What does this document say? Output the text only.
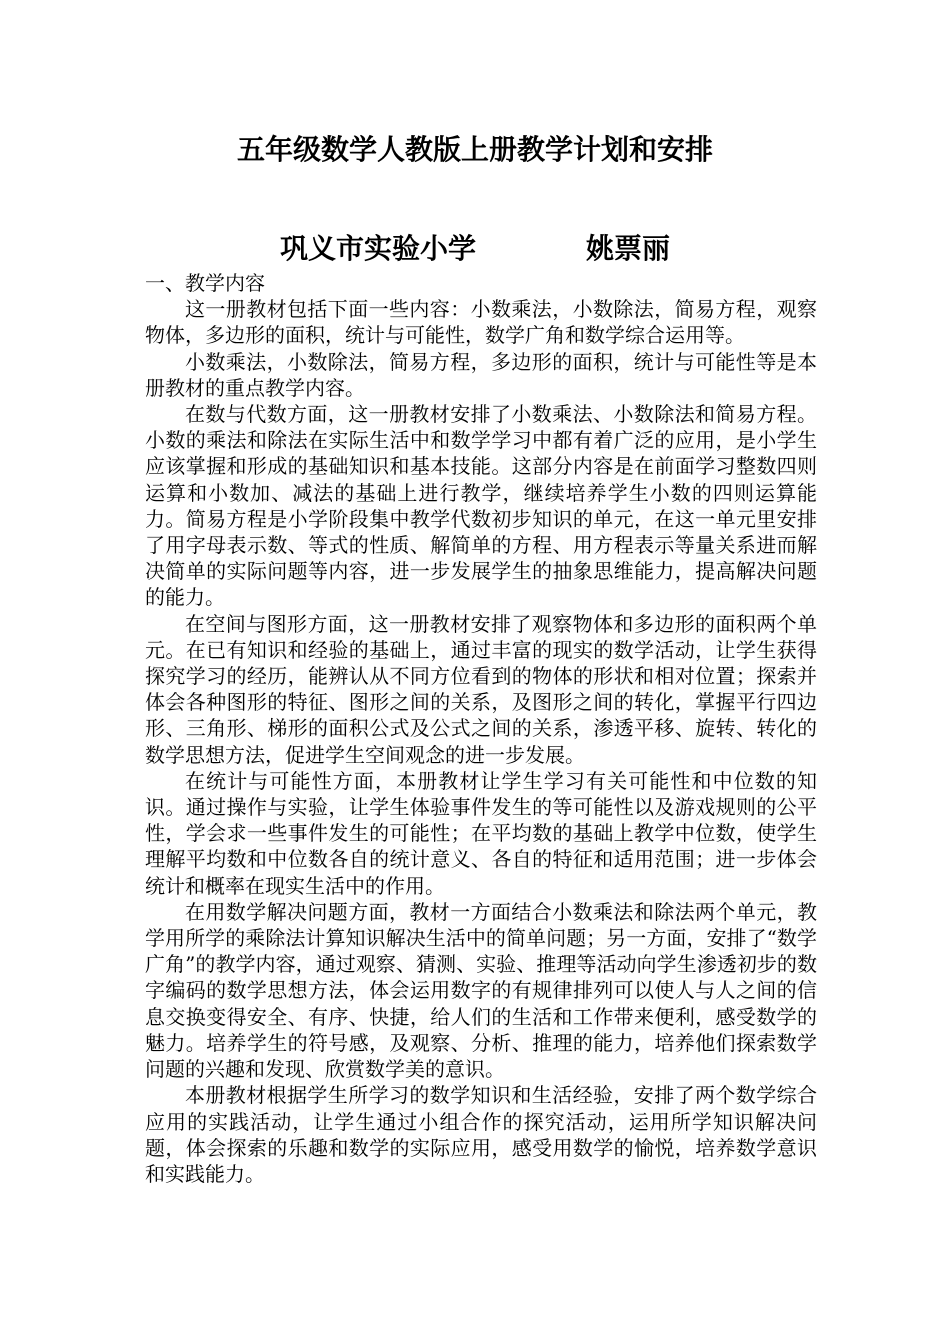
五年级数学人教版上册教学计划和安排
巩义市实验小学	姚票丽

一、教学内容

这一册教材包括下面一些内容：小数乘法，小数除法，简易方程，观察物体，多边形的面积，统计与可能性，数学广角和数学综合运用等。

小数乘法，小数除法，简易方程，多边形的面积，统计与可能性等是本册教材的重点教学内容。

在数与代数方面，这一册教材安排了小数乘法、小数除法和简易方程。小数的乘法和除法在实际生活中和数学学习中都有着广泛的应用，是小学生应该掌握和形成的基础知识和基本技能。这部分内容是在前面学习整数四则运算和小数加、减法的基础上进行教学，继续培养学生小数的四则运算能力。简易方程是小学阶段集中教学代数初步知识的单元，在这一单元里安排了用字母表示数、等式的性质、解简单的方程、用方程表示等量关系进而解决简单的实际问题等内容，进一步发展学生的抽象思维能力，提高解决问题的能力。

在空间与图形方面，这一册教材安排了观察物体和多边形的面积两个单元。在已有知识和经验的基础上，通过丰富的现实的数学活动，让学生获得探究学习的经历，能辨认从不同方位看到的物体的形状和相对位置；探索并体会各种图形的特征、图形之间的关系，及图形之间的转化，掌握平行四边形、三角形、梯形的面积公式及公式之间的关系，渗透平移、旋转、转化的数学思想方法，促进学生空间观念的进一步发展。

在统计与可能性方面，本册教材让学生学习有关可能性和中位数的知识。通过操作与实验，让学生体验事件发生的等可能性以及游戏规则的公平性，学会求一些事件发生的可能性；在平均数的基础上教学中位数，使学生理解平均数和中位数各自的统计意义、各自的特征和适用范围；进一步体会统计和概率在现实生活中的作用。

在用数学解决问题方面，教材一方面结合小数乘法和除法两个单元，教学用所学的乘除法计算知识解决生活中的简单问题；另一方面，安排了“数学广角”的教学内容，通过观察、猜测、实验、推理等活动向学生渗透初步的数字编码的数学思想方法，体会运用数字的有规律排列可以使人与人之间的信息交换变得安全、有序、快捷，给人们的生活和工作带来便利，感受数学的魅力。培养学生的符号感，及观察、分析、推理的能力，培养他们探索数学问题的兴趣和发现、欣赏数学美的意识。

本册教材根据学生所学习的数学知识和生活经验，安排了两个数学综合应用的实践活动，让学生通过小组合作的探究活动，运用所学知识解决问题，体会探索的乐趣和数学的实际应用，感受用数学的愉悦，培养数学意识和实践能力。
